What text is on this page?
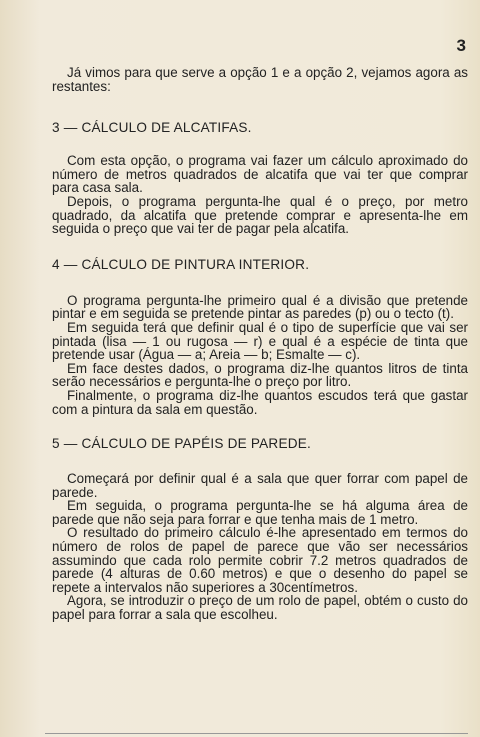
3

Já vimos para que serve a opção 1 e a opção 2, vejamos agora as restantes:

3 — CÁLCULO DE ALCATIFAS.

Com esta opção, o programa vai fazer um cálculo aproximado do número de metros quadrados de alcatifa que vai ter que comprar para casa sala.

Depois, o programa pergunta-lhe qual é o preço, por metro quadrado, da alcatifa que pretende comprar e apresenta-lhe em seguida o preço que vai ter de pagar pela alcatifa.

4 — CÁLCULO DE PINTURA INTERIOR.

O programa pergunta-lhe primeiro qual é a divisão que pretende pintar e em seguida se pretende pintar as paredes (p) ou o tecto (t).

Em seguida terá que definir qual é o tipo de superfície que vai ser pintada (lisa — 1 ou rugosa — r) e qual é a espécie de tinta que pretende usar (Água — a; Areia — b; Esmalte — c).

Em face destes dados, o programa diz-lhe quantos litros de tinta serão necessários e pergunta-lhe o preço por litro.

Finalmente, o programa diz-lhe quantos escudos terá que gastar com a pintura da sala em questão.

5 — CÁLCULO DE PAPÉIS DE PAREDE.

Começará por definir qual é a sala que quer forrar com papel de parede.

Em seguida, o programa pergunta-lhe se há alguma área de parede que não seja para forrar e que tenha mais de 1 metro.

O resultado do primeiro cálculo é-lhe apresentado em termos do número de rolos de papel de parece que vão ser necessários assumindo que cada rolo permite cobrir 7.2 metros quadrados de parede (4 alturas de 0.60 metros) e que o desenho do papel se repete a intervalos não superiores a 30centímetros.

Agora, se introduzir o preço de um rolo de papel, obtém o custo do papel para forrar a sala que escolheu.
